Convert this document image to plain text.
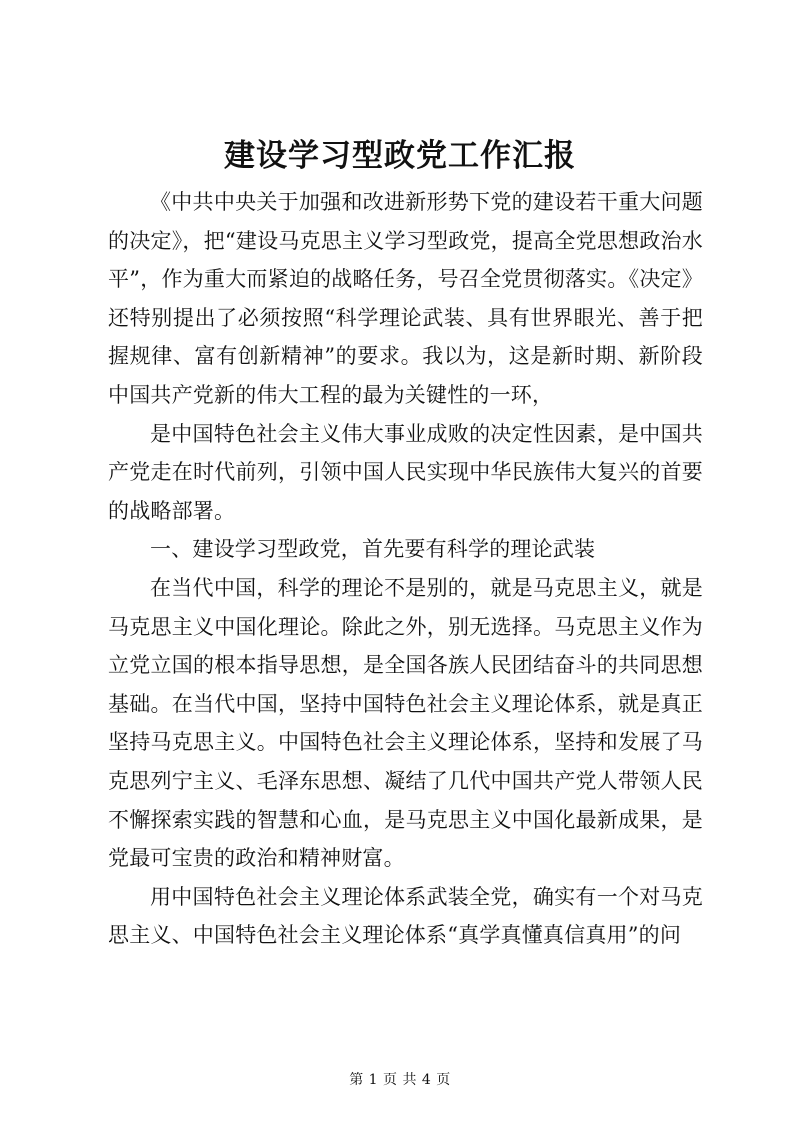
建设学习型政党工作汇报

《中共中央关于加强和改进新形势下党的建设若干重大问题的决定》，把“建设马克思主义学习型政党，提高全党思想政治水平”，作为重大而紧迫的战略任务，号召全党贯彻落实。《决定》还特别提出了必须按照“科学理论武装、具有世界眼光、善于把握规律、富有创新精神”的要求。我以为，这是新时期、新阶段中国共产党新的伟大工程的最为关键性的一环，

是中国特色社会主义伟大事业成败的决定性因素，是中国共产党走在时代前列，引领中国人民实现中华民族伟大复兴的首要的战略部署。

一、建设学习型政党，首先要有科学的理论武装

在当代中国，科学的理论不是别的，就是马克思主义，就是马克思主义中国化理论。除此之外，别无选择。马克思主义作为立党立国的根本指导思想，是全国各族人民团结奋斗的共同思想基础。在当代中国，坚持中国特色社会主义理论体系，就是真正坚持马克思主义。中国特色社会主义理论体系，坚持和发展了马克思列宁主义、毛泽东思想、凝结了几代中国共产党人带领人民不懈探索实践的智慧和心血，是马克思主义中国化最新成果，是党最可宝贵的政治和精神财富。

用中国特色社会主义理论体系武装全党，确实有一个对马克思主义、中国特色社会主义理论体系“真学真懂真信真用”的问

第 1 页 共 4 页
